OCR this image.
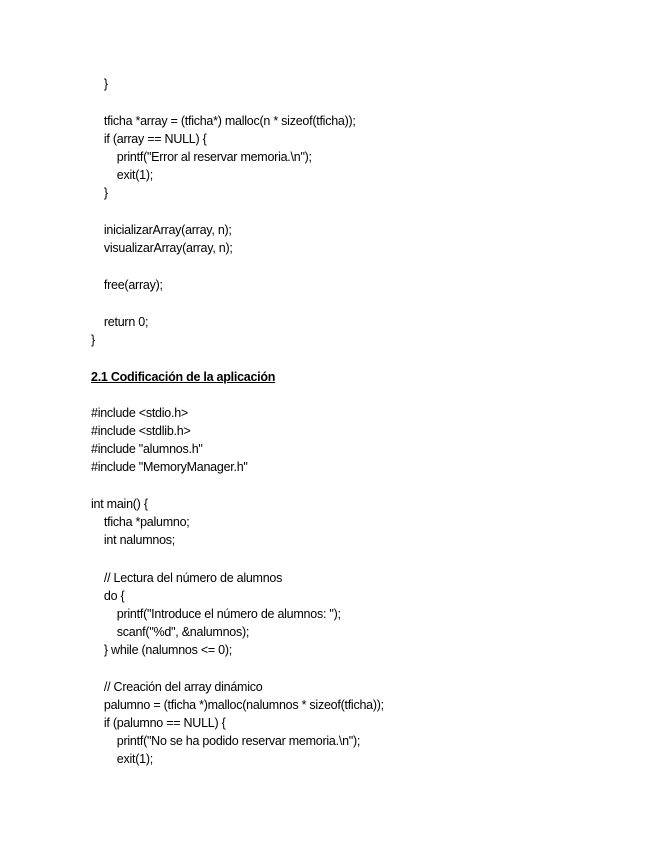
}
tficha *array = (tficha*) malloc(n * sizeof(tficha));
if (array == NULL) {
printf("Error al reservar memoria.\n");
exit(1);
}
inicializarArray(array, n);
visualizarArray(array, n);
free(array);
return 0;
}
2.1 Codificación de la aplicación
#include <stdio.h>
#include <stdlib.h>
#include "alumnos.h"
#include "MemoryManager.h"
int main() {
tficha *palumno;
int nalumnos;
// Lectura del número de alumnos
do {
printf("Introduce el número de alumnos: ");
scanf("%d", &nalumnos);
} while (nalumnos <= 0);
// Creación del array dinámico
palumno = (tficha *)malloc(nalumnos * sizeof(tficha));
if (palumno == NULL) {
printf("No se ha podido reservar memoria.\n");
exit(1);
